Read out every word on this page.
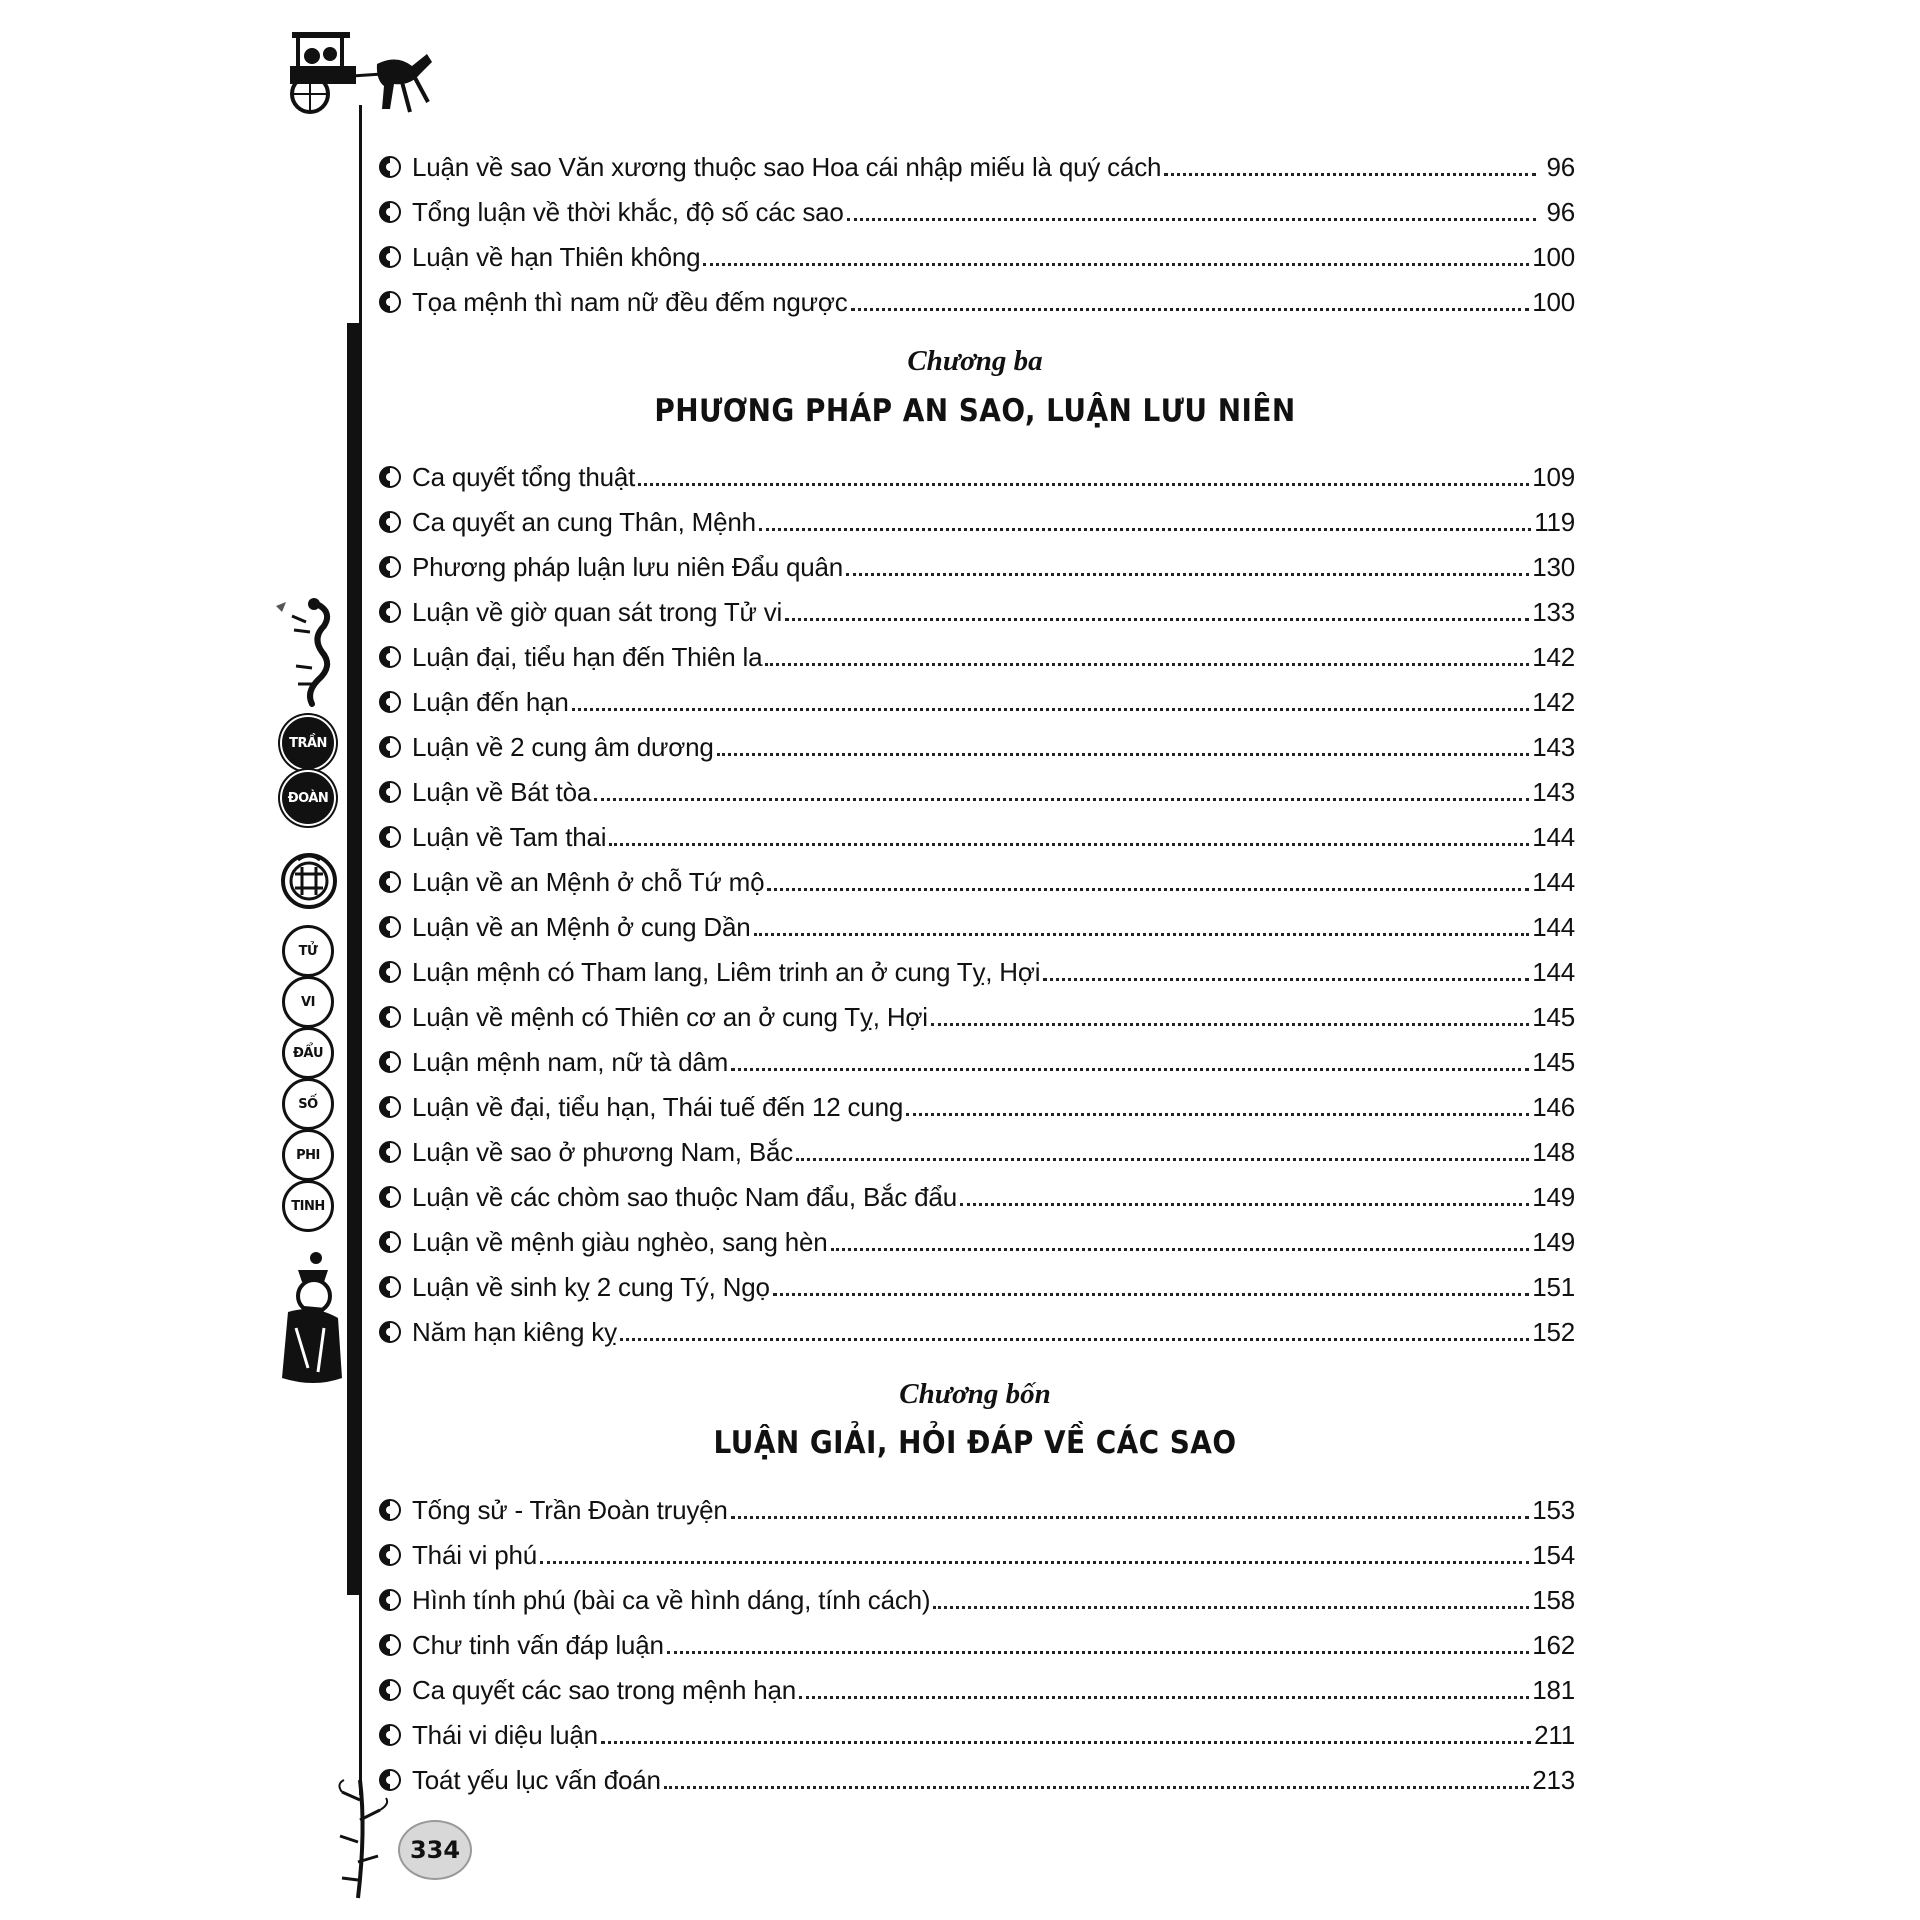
TRẦN
ĐOÀN
TỬ
VI
ĐẨU
SỐ
PHI
TINH
Luận về sao Văn xương thuộc sao Hoa cái nhập miếu là quý cách	96
Tổng luận về thời khắc, độ số các sao	96
Luận về hạn Thiên không	100
Tọa mệnh thì nam nữ đều đếm ngược	100
Chương ba
PHƯƠNG PHÁP AN SAO, LUẬN LƯU NIÊN
Ca quyết tổng thuật	109
Ca quyết an cung Thân, Mệnh	119
Phương pháp luận lưu niên Đẩu quân	130
Luận về giờ quan sát trong Tử vi	133
Luận đại, tiểu hạn đến Thiên la	142
Luận đến hạn	142
Luận về 2 cung âm dương	143
Luận về Bát tòa	143
Luận về Tam thai	144
Luận về an Mệnh ở chỗ Tứ mộ	144
Luận về an Mệnh ở cung Dần	144
Luận mệnh có Tham lang, Liêm trinh an ở cung Tỵ, Hợi	144
Luận về mệnh có Thiên cơ an ở cung Tỵ, Hợi	145
Luận mệnh nam, nữ tà dâm	145
Luận về đại, tiểu hạn, Thái tuế đến 12 cung	146
Luận về sao ở phương Nam, Bắc	148
Luận về các chòm sao thuộc Nam đẩu, Bắc đẩu	149
Luận về mệnh giàu nghèo, sang hèn	149
Luận về sinh kỵ 2 cung Tý, Ngọ	151
Năm hạn kiêng kỵ	152
Chương bốn
LUẬN GIẢI, HỎI ĐÁP VỀ CÁC SAO
Tống sử - Trần Đoàn truyện	153
Thái vi phú	154
Hình tính phú (bài ca về hình dáng, tính cách)	158
Chư tinh vấn đáp luận	162
Ca quyết các sao trong mệnh hạn	181
Thái vi diệu luận	211
Toát yếu lục vấn đoán	213
334
